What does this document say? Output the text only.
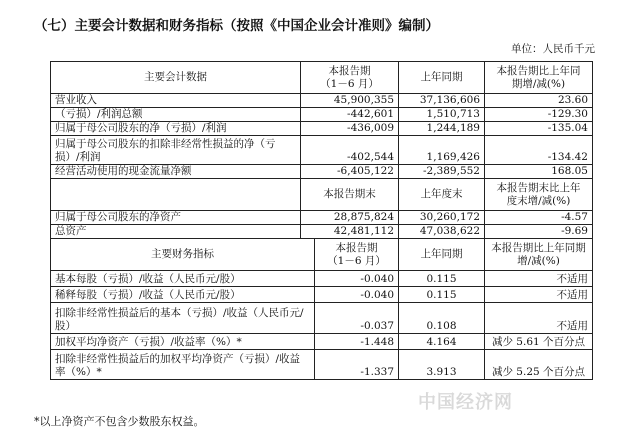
（七）主要会计数据和财务指标（按照《中国企业会计准则》编制）
单位：人民币千元
主要会计数据	本报告期
（1－6 月）	上年同期	本报告期比上年同
期增/减(%)
营业收入	45,900,355	37,136,606	23.60
（亏损）/利润总额	-442,601	1,510,713	-129.30
归属于母公司股东的净（亏损）/利润	-436,009	1,244,189	-135.04
归属于母公司股东的扣除非经常性损益的净（亏损）/利润	-402,544	1,169,426	-134.42
经营活动使用的现金流量净额	-6,405,122	-2,389,552	168.05
	本报告期末	上年度末	本报告期末比上年
度末增/减(%)
归属于母公司股东的净资产	28,875,824	30,260,172	-4.57
总资产	42,481,112	47,038,622	-9.69
主要财务指标	本报告期
（1－6 月）	上年同期	本报告期比上年同期
增/减(%)
基本每股（亏损）/收益（人民币元/股）	-0.040	0.115	不适用
稀释每股（亏损）/收益（人民币元/股）	-0.040	0.115	不适用
扣除非经常性损益后的基本（亏损）/收益（人民币元/股）	-0.037	0.108	不适用
加权平均净资产（亏损）/收益率（%）*	-1.448	4.164	减少 5.61 个百分点
扣除非经常性损益后的加权平均净资产（亏损）/收益率（%）*	-1.337	3.913	减少 5.25 个百分点
*以上净资产不包含少数股东权益。
中国经济网
